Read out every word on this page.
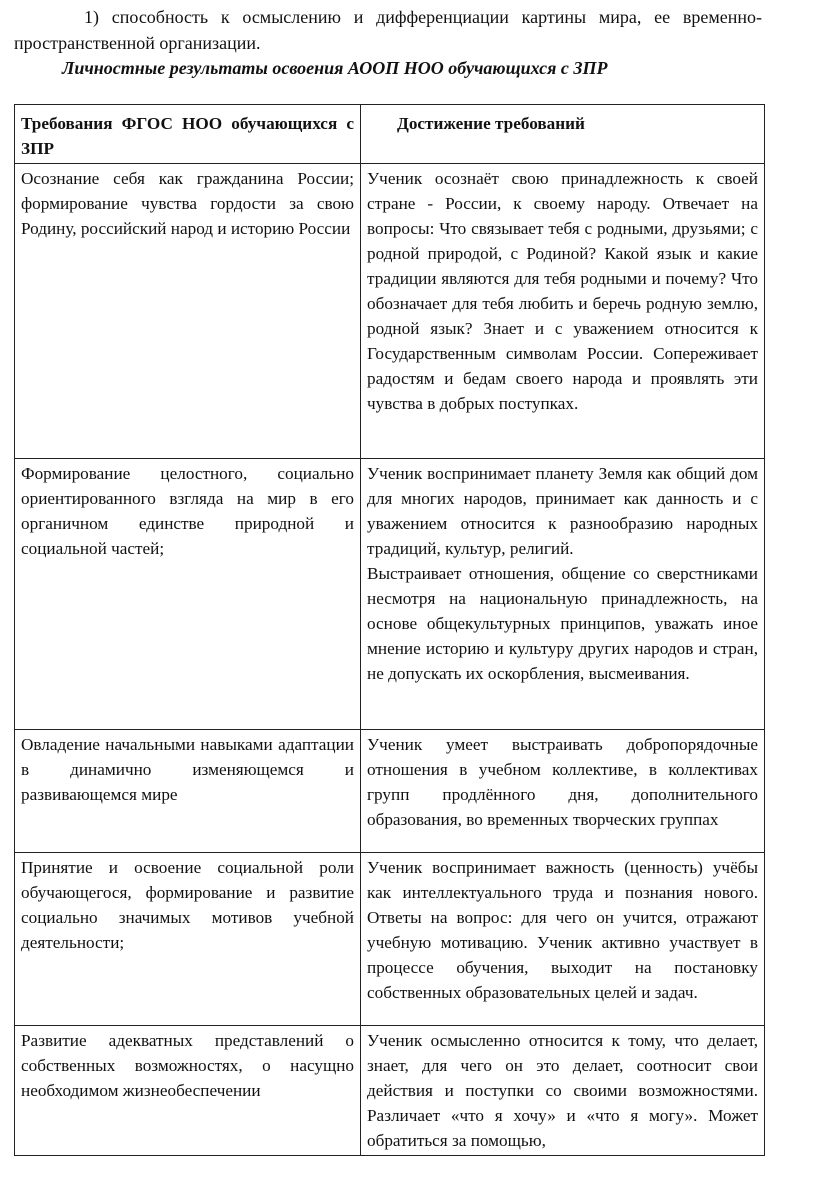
1) способность к осмыслению и дифференциации картины мира, ее временно-пространственной организации.

Личностные результаты освоения АООП НОО обучающихся с ЗПР

Требования ФГОС НОО обучающихся с ЗПР	Достижение требований
Осознание себя как гражданина России; формирование чувства гордости за свою Родину, российский народ и историю России	Ученик осознаёт свою принадлежность к своей стране - России, к своему народу. Отвечает на вопросы: Что связывает тебя с родными, друзьями; с родной природой, с Родиной? Какой язык и какие традиции являются для тебя родными и почему? Что обозначает для тебя любить и беречь родную землю, родной язык? Знает и с уважением относится к Государственным символам России. Сопереживает радостям и бедам своего народа и проявлять эти чувства в добрых поступках.
Формирование целостного, социально ориентированного взгляда на мир в его органичном единстве природной и социальной частей;	Ученик воспринимает планету Земля как общий дом для многих народов, принимает как данность и с уважением относится к разнообразию народных традиций, культур, религий.
Выстраивает отношения, общение со сверстниками несмотря на национальную принадлежность, на основе общекультурных принципов, уважать иное мнение историю и культуру других народов и стран, не допускать их оскорбления, высмеивания.
Овладение начальными навыками адаптации в динамично изменяющемся и развивающемся мире	Ученик умеет выстраивать добропорядочные отношения в учебном коллективе, в коллективах групп продлённого дня, дополнительного образования, во временных творческих группах
Принятие и освоение социальной роли обучающегося, формирование и развитие социально значимых мотивов учебной деятельности;	Ученик воспринимает важность (ценность) учёбы как интеллектуального труда и познания нового. Ответы на вопрос: для чего он учится, отражают учебную мотивацию. Ученик активно участвует в процессе обучения, выходит на постановку собственных образовательных целей и задач.
Развитие адекватных представлений о собственных возможностях, о насущно необходимом жизнеобеспечении	Ученик осмысленно относится к тому, что делает, знает, для чего он это делает, соотносит свои действия и поступки со своими возможностями. Различает «что я хочу» и «что я могу». Может обратиться за помощью,
